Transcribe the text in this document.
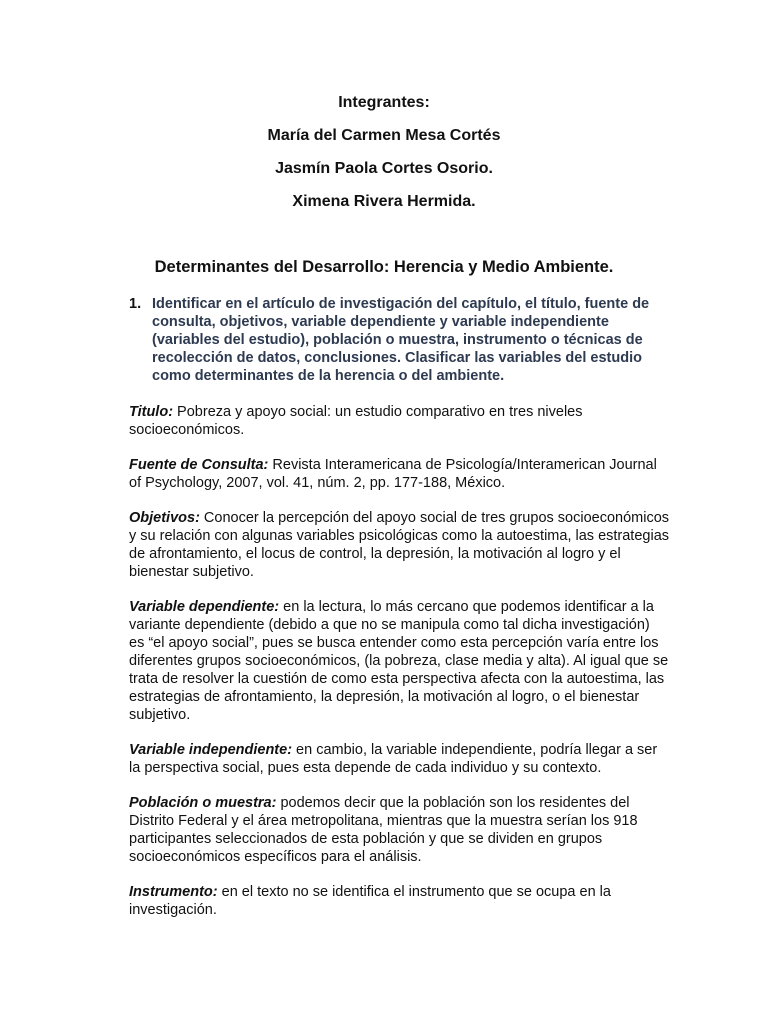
Integrantes:
María del Carmen Mesa Cortés
Jasmín Paola Cortes Osorio.
Ximena Rivera Hermida.
Determinantes del Desarrollo: Herencia y Medio Ambiente.
1. Identificar en el artículo de investigación del capítulo, el título, fuente de consulta, objetivos, variable dependiente y variable independiente (variables del estudio), población o muestra, instrumento o técnicas de recolección de datos, conclusiones. Clasificar las variables del estudio como determinantes de la herencia o del ambiente.

Titulo: Pobreza y apoyo social: un estudio comparativo en tres niveles socioeconómicos.

Fuente de Consulta: Revista Interamericana de Psicología/Interamerican Journal of Psychology, 2007, vol. 41, núm. 2, pp. 177-188, México.

Objetivos: Conocer la percepción del apoyo social de tres grupos socioeconómicos y su relación con algunas variables psicológicas como la autoestima, las estrategias de afrontamiento, el locus de control, la depresión, la motivación al logro y el bienestar subjetivo.

Variable dependiente: en la lectura, lo más cercano que podemos identificar a la variante dependiente (debido a que no se manipula como tal dicha investigación) es “el apoyo social”, pues se busca entender como esta percepción varía entre los diferentes grupos socioeconómicos, (la pobreza, clase media y alta). Al igual que se trata de resolver la cuestión de como esta perspectiva afecta con la autoestima, las estrategias de afrontamiento, la depresión, la motivación al logro, o el bienestar subjetivo.

Variable independiente: en cambio, la variable independiente, podría llegar a ser la perspectiva social, pues esta depende de cada individuo y su contexto.

Población o muestra: podemos decir que la población son los residentes del Distrito Federal y el área metropolitana, mientras que la muestra serían los 918 participantes seleccionados de esta población y que se dividen en grupos socioeconómicos específicos para el análisis.

Instrumento: en el texto no se identifica el instrumento que se ocupa en la investigación.
